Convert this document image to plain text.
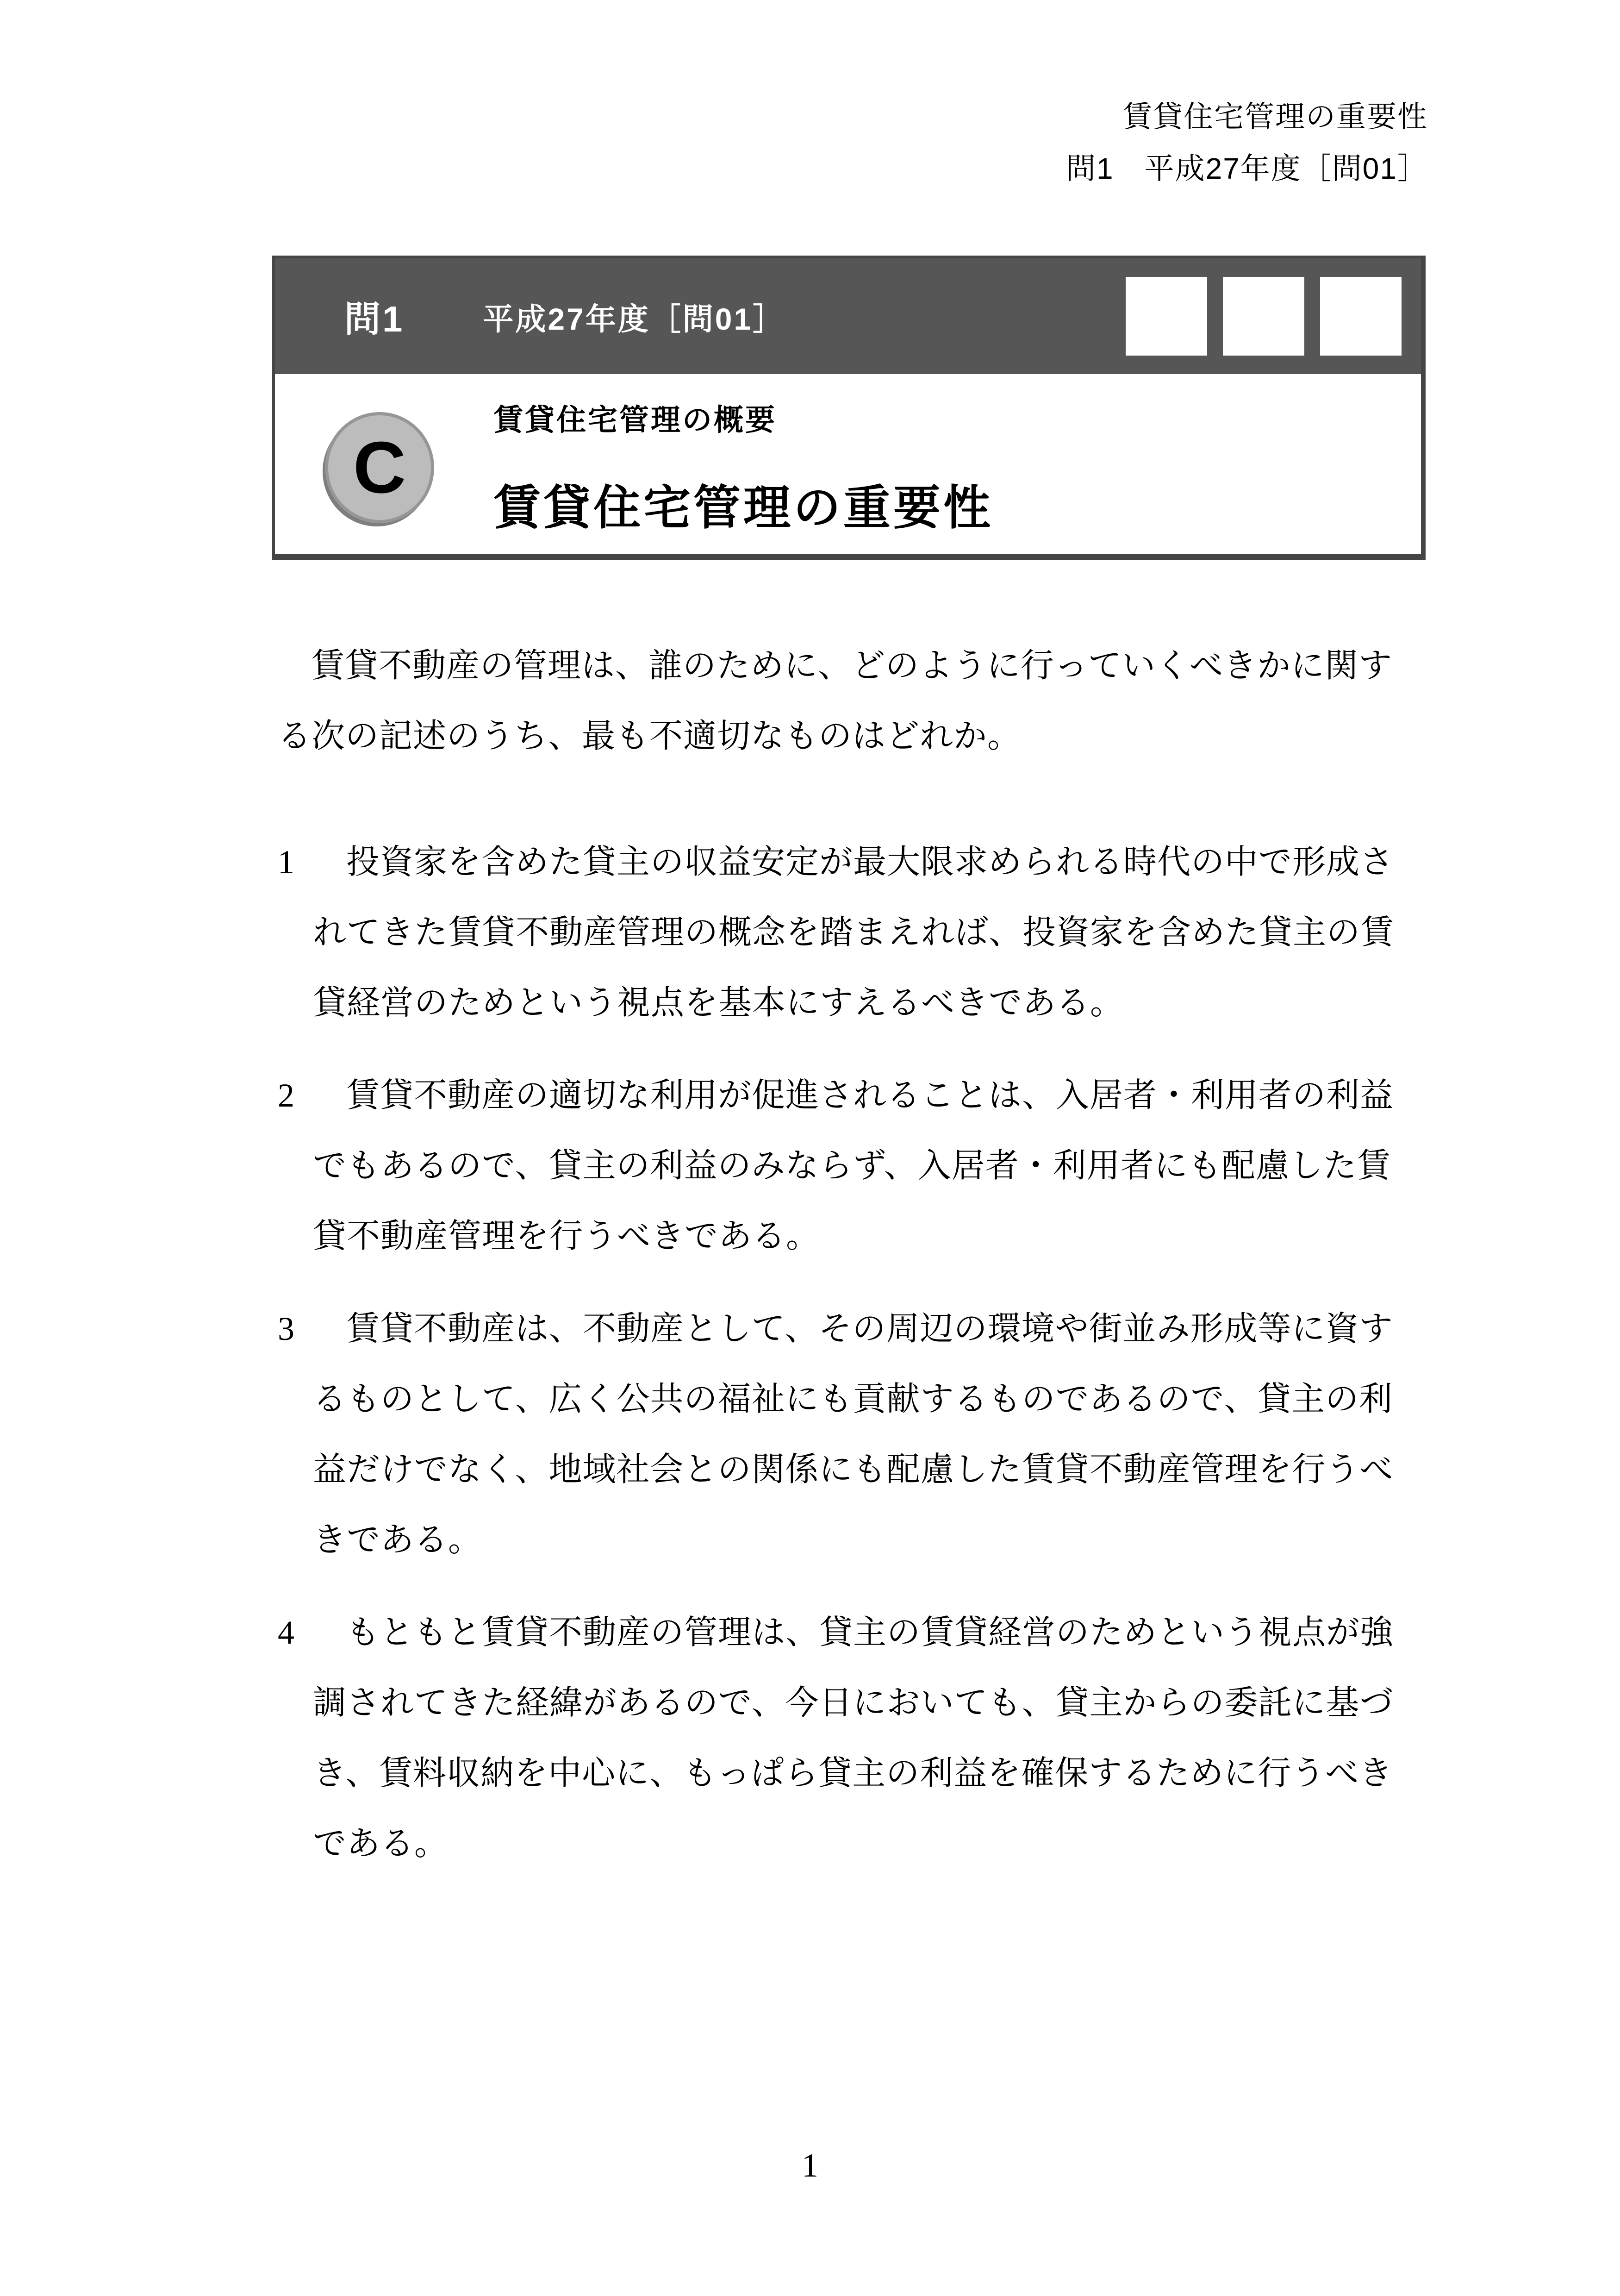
賃貸住宅管理の重要性
問1　平成27年度［問01］
問1	平成27年度［問01］
C
賃貸住宅管理の概要
賃貸住宅管理の重要性
賃貸不動産の管理は、誰のために、どのように行っていくべきかに関す
る次の記述のうち、最も不適切なものはどれか。
1 投資家を含めた貸主の収益安定が最大限求められる時代の中で形成さ
れてきた賃貸不動産管理の概念を踏まえれば、投資家を含めた貸主の賃
貸経営のためという視点を基本にすえるべきである。
2 賃貸不動産の適切な利用が促進されることは、入居者・利用者の利益
でもあるので、貸主の利益のみならず、入居者・利用者にも配慮した賃
貸不動産管理を行うべきである。
3 賃貸不動産は、不動産として、その周辺の環境や街並み形成等に資す
るものとして、広く公共の福祉にも貢献するものであるので、貸主の利
益だけでなく、地域社会との関係にも配慮した賃貸不動産管理を行うべ
きである。
4 もともと賃貸不動産の管理は、貸主の賃貸経営のためという視点が強
調されてきた経緯があるので、今日においても、貸主からの委託に基づ
き、賃料収納を中心に、もっぱら貸主の利益を確保するために行うべき
である。
1
